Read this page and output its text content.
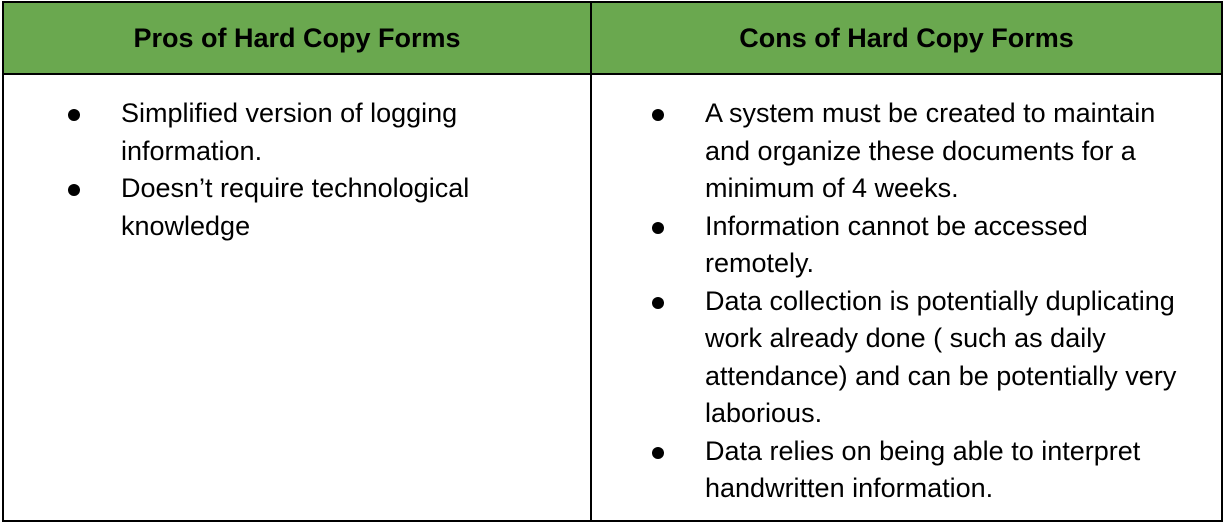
Pros of Hard Copy Forms	Cons of Hard Copy Forms
Simplified version of logging information.
Doesn’t require technological knowledge
A system must be created to maintain and organize these documents for a minimum of 4 weeks.
Information cannot be accessed remotely.
Data collection is potentially duplicating work already done ( such as daily attendance) and can be potentially very laborious.
Data relies on being able to interpret handwritten information.
